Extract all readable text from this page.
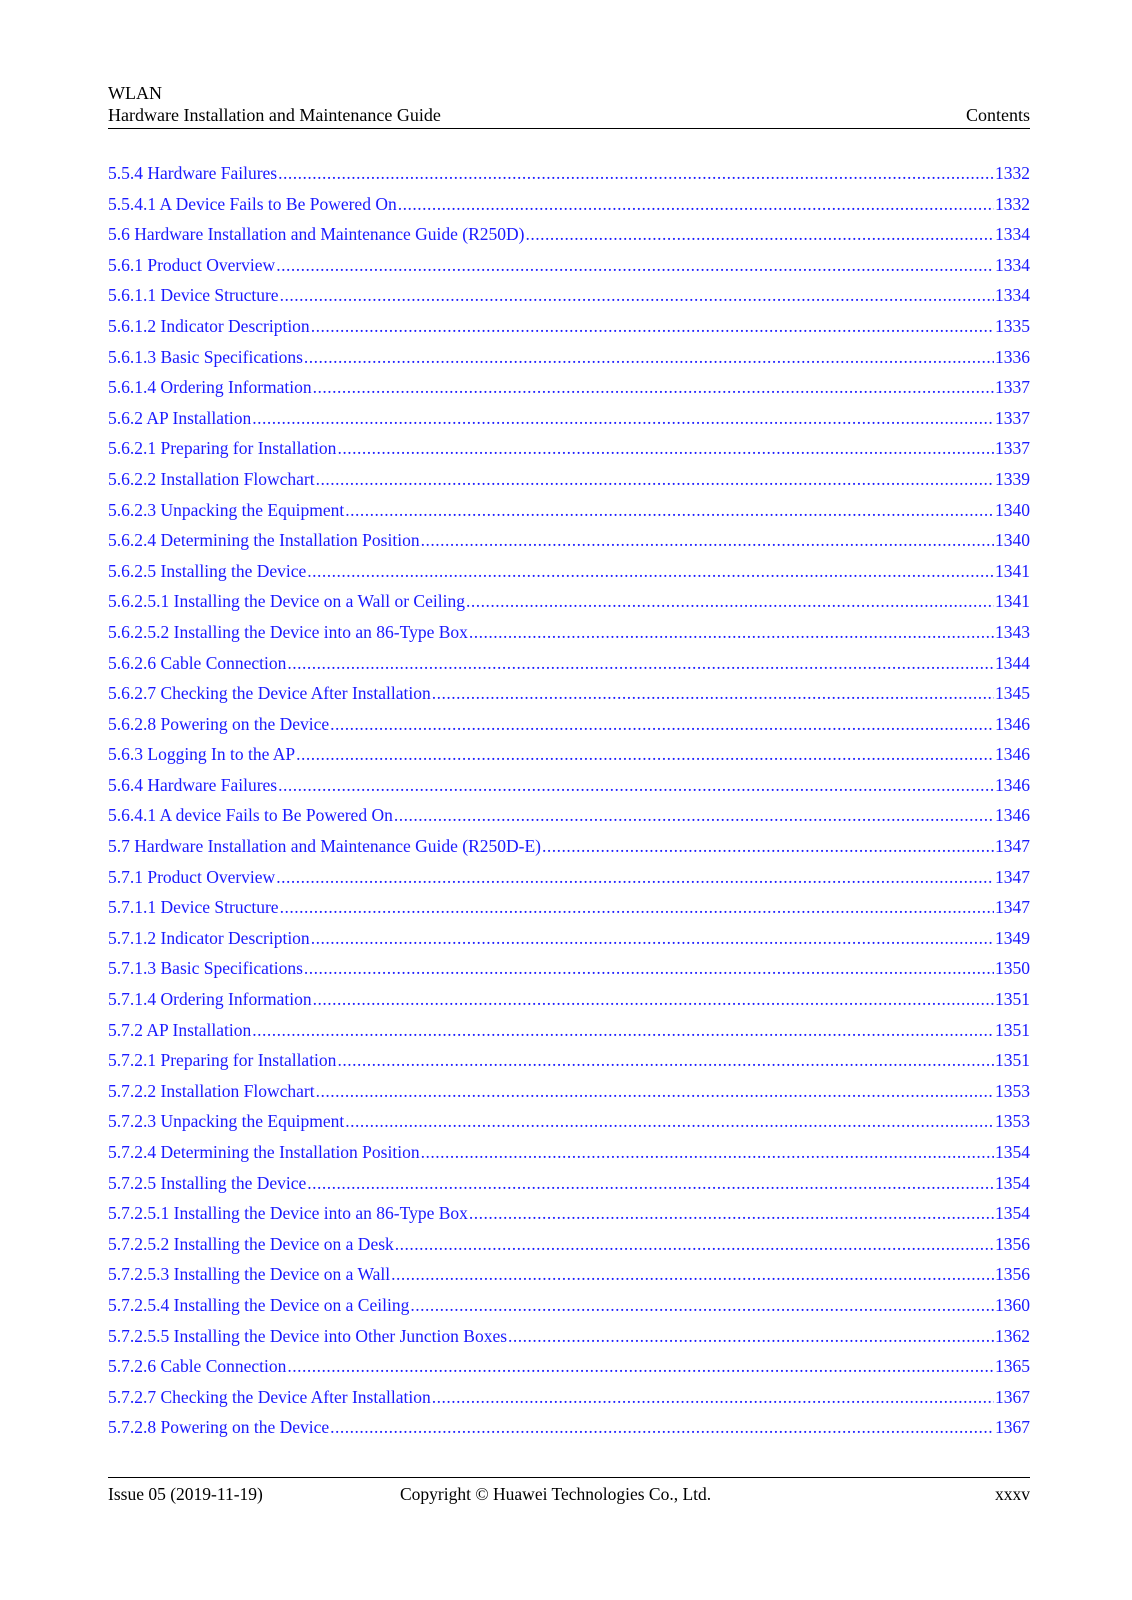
WLAN
Hardware Installation and Maintenance Guide	Contents
5.5.4 Hardware Failures .....	1332
5.5.4.1 A Device Fails to Be Powered On .....	1332
5.6 Hardware Installation and Maintenance Guide (R250D) .....	1334
5.6.1 Product Overview .....	1334
5.6.1.1 Device Structure .....	1334
5.6.1.2 Indicator Description .....	1335
5.6.1.3 Basic Specifications .....	1336
5.6.1.4 Ordering Information .....	1337
5.6.2 AP Installation .....	1337
5.6.2.1 Preparing for Installation .....	1337
5.6.2.2 Installation Flowchart .....	1339
5.6.2.3 Unpacking the Equipment .....	1340
5.6.2.4 Determining the Installation Position .....	1340
5.6.2.5 Installing the Device .....	1341
5.6.2.5.1 Installing the Device on a Wall or Ceiling .....	1341
5.6.2.5.2 Installing the Device into an 86-Type Box .....	1343
5.6.2.6 Cable Connection .....	1344
5.6.2.7 Checking the Device After Installation .....	1345
5.6.2.8 Powering on the Device .....	1346
5.6.3 Logging In to the AP .....	1346
5.6.4 Hardware Failures .....	1346
5.6.4.1 A device Fails to Be Powered On .....	1346
5.7 Hardware Installation and Maintenance Guide (R250D-E) .....	1347
5.7.1 Product Overview .....	1347
5.7.1.1 Device Structure .....	1347
5.7.1.2 Indicator Description .....	1349
5.7.1.3 Basic Specifications .....	1350
5.7.1.4 Ordering Information .....	1351
5.7.2 AP Installation .....	1351
5.7.2.1 Preparing for Installation .....	1351
5.7.2.2 Installation Flowchart .....	1353
5.7.2.3 Unpacking the Equipment .....	1353
5.7.2.4 Determining the Installation Position .....	1354
5.7.2.5 Installing the Device .....	1354
5.7.2.5.1 Installing the Device into an 86-Type Box .....	1354
5.7.2.5.2 Installing the Device on a Desk .....	1356
5.7.2.5.3 Installing the Device on a Wall .....	1356
5.7.2.5.4 Installing the Device on a Ceiling .....	1360
5.7.2.5.5 Installing the Device into Other Junction Boxes .....	1362
5.7.2.6 Cable Connection .....	1365
5.7.2.7 Checking the Device After Installation .....	1367
5.7.2.8 Powering on the Device .....	1367
Issue 05 (2019-11-19)	Copyright © Huawei Technologies Co., Ltd.	xxxv
